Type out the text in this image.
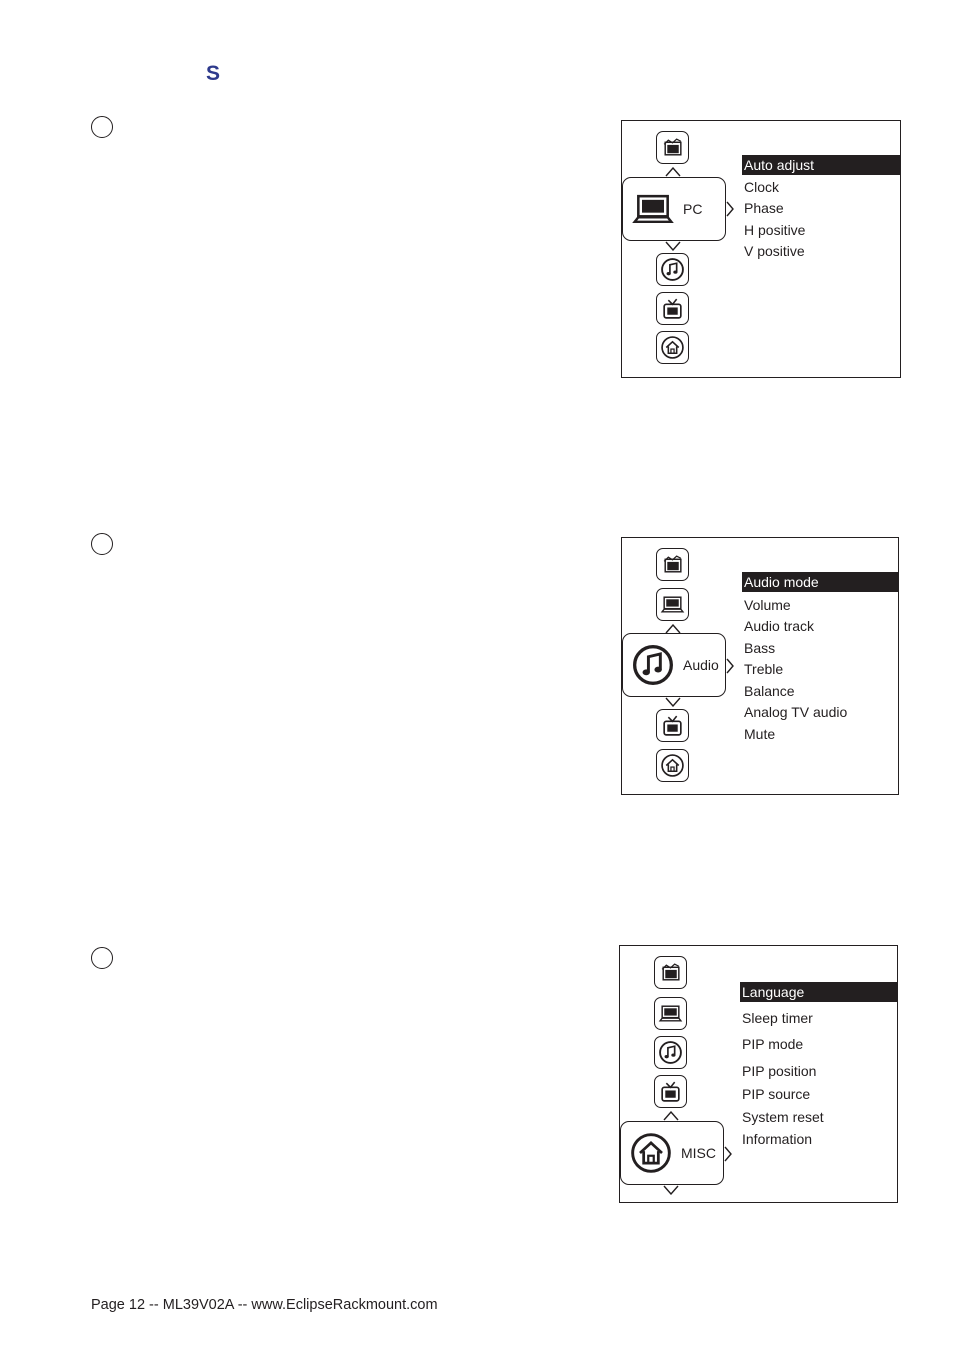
S
PC
Auto adjust
Clock
Phase
H positive
V positive
Audio
Audio mode
Volume
Audio track
Bass
Treble
Balance
Analog TV audio
Mute
MISC
Language
Sleep timer
PIP mode
PIP position
PIP source
System reset
Information
Page 12 -- ML39V02A -- www.EclipseRackmount.com
